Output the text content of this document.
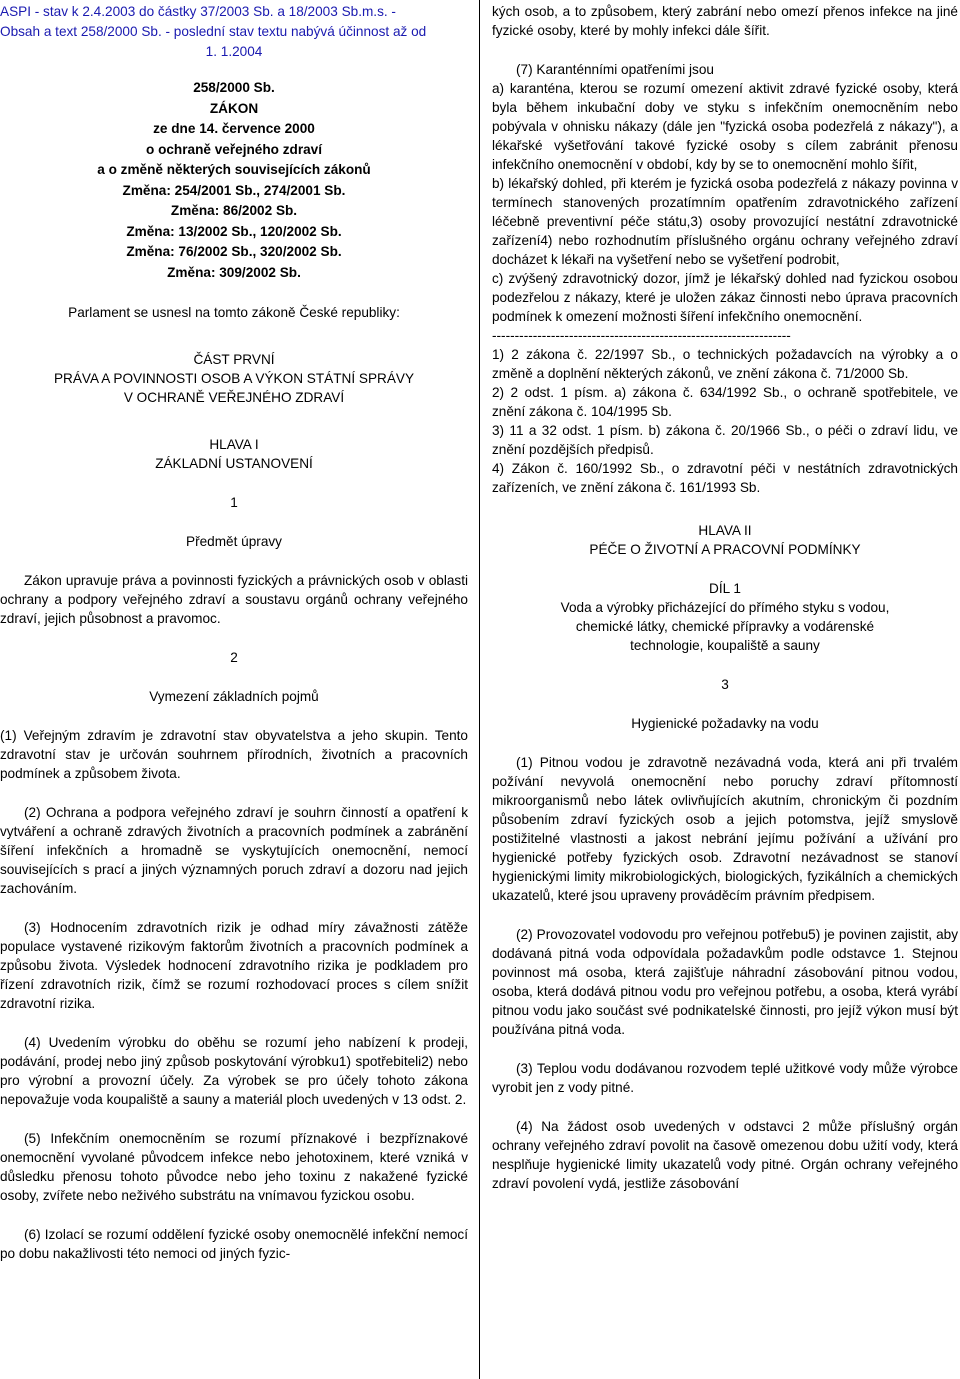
ASPI - stav k 2.4.2003 do částky 37/2003 Sb. a 18/2003 Sb.m.s. -
Obsah a text 258/2000 Sb. - poslední stav textu nabývá účinnost až od
1. 1.2004

258/2000 Sb.

ZÁKON

ze dne 14. července 2000

o ochraně veřejného zdraví

a o změně některých souvisejících zákonů

Změna: 254/2001 Sb., 274/2001 Sb.

Změna: 86/2002 Sb.

Změna: 13/2002 Sb., 120/2002 Sb.

Změna: 76/2002 Sb., 320/2002 Sb.

Změna: 309/2002 Sb.

Parlament se usnesl na tomto zákoně České republiky:

ČÁST PRVNÍ

PRÁVA A POVINNOSTI OSOB A VÝKON STÁTNÍ SPRÁVY

V OCHRANĚ VEŘEJNÉHO ZDRAVÍ

HLAVA I

ZÁKLADNÍ USTANOVENÍ

1

Předmět úpravy

Zákon upravuje práva a povinnosti fyzických a právnických osob v oblasti ochrany a podpory veřejného zdraví a soustavu orgánů ochrany veřejného zdraví, jejich působnost a pravomoc.

2

Vymezení základních pojmů

(1) Veřejným zdravím je zdravotní stav obyvatelstva a jeho skupin. Tento zdravotní stav je určován souhrnem přírodních, životních a pracovních podmínek a způsobem života.

(2) Ochrana a podpora veřejného zdraví je souhrn činností a opatření k vytváření a ochraně zdravých životních a pracovních podmínek a zabránění šíření infekčních a hromadně se vyskytujících onemocnění, nemocí souvisejících s prací a jiných významných poruch zdraví a dozoru nad jejich zachováním.

(3) Hodnocením zdravotních rizik je odhad míry závažnosti zátěže populace vystavené rizikovým faktorům životních a pracovních podmínek a způsobu života. Výsledek hodnocení zdravotního rizika je podkladem pro řízení zdravotních rizik, čímž se rozumí rozhodovací proces s cílem snížit zdravotní rizika.

(4) Uvedením výrobku do oběhu se rozumí jeho nabízení k prodeji, podávání, prodej nebo jiný způsob poskytování výrobku1) spotřebiteli2) nebo pro výrobní a provozní účely. Za výrobek se pro účely tohoto zákona nepovažuje voda koupaliště a sauny a materiál ploch uvedených v 13 odst. 2.

(5) Infekčním onemocněním se rozumí příznakové i bezpříznakové onemocnění vyvolané původcem infekce nebo jehotoxinem, které vzniká v důsledku přenosu tohoto původce nebo jeho toxinu z nakažené fyzické osoby, zvířete nebo neživého substrátu na vnímavou fyzickou osobu.

(6) Izolací se rozumí oddělení fyzické osoby onemocnělé infekční nemocí po dobu nakažlivosti této nemoci od jiných fyzic-

kých osob, a to způsobem, který zabrání nebo omezí přenos infekce na jiné fyzické osoby, které by mohly infekci dále šířit.

(7) Karanténními opatřeními jsou

a) karanténa, kterou se rozumí omezení aktivit zdravé fyzické osoby, která byla během inkubační doby ve styku s infekčním onemocněním nebo pobývala v ohnisku nákazy (dále jen "fyzická osoba podezřelá z nákazy"), a lékařské vyšetřování takové fyzické osoby s cílem zabránit přenosu infekčního onemocnění v období, kdy by se to onemocnění mohlo šířit,

b) lékařský dohled, při kterém je fyzická osoba podezřelá z nákazy povinna v termínech stanovených prozatímním opatřením zdravotnického zařízení léčebně preventivní péče státu,3) osoby provozující nestátní zdravotnické zařízení4) nebo rozhodnutím příslušného orgánu ochrany veřejného zdraví docházet k lékaři na vyšetření nebo se vyšetření podrobit,

c) zvýšený zdravotnický dozor, jímž je lékařský dohled nad fyzickou osobou podezřelou z nákazy, které je uložen zákaz činnosti nebo úprava pracovních podmínek k omezení možnosti šíření infekčního onemocnění.

------------------------------------------------------------------

1) 2 zákona č. 22/1997 Sb., o technických požadavcích na výrobky a o změně a doplnění některých zákonů, ve znění zákona č. 71/2000 Sb.

2) 2 odst. 1 písm. a) zákona č. 634/1992 Sb., o ochraně spotřebitele, ve znění zákona č. 104/1995 Sb.

3) 11 a 32 odst. 1 písm. b) zákona č. 20/1966 Sb., o péči o zdraví lidu, ve znění pozdějších předpisů.

4) Zákon č. 160/1992 Sb., o zdravotní péči v nestátních zdravotnických zařízeních, ve znění zákona č. 161/1993 Sb.

HLAVA II

PÉČE O ŽIVOTNÍ A PRACOVNÍ PODMÍNKY

DÍL 1

Voda a výrobky přicházející do přímého styku s vodou,

chemické látky, chemické přípravky a vodárenské

technologie, koupaliště a sauny

3

Hygienické požadavky na vodu

(1) Pitnou vodou je zdravotně nezávadná voda, která ani při trvalém požívání nevyvolá onemocnění nebo poruchy zdraví přítomností mikroorganismů nebo látek ovlivňujících akutním, chronickým či pozdním působením zdraví fyzických osob a jejich potomstva, jejíž smyslově postižitelné vlastnosti a jakost nebrání jejímu požívání a užívání pro hygienické potřeby fyzických osob. Zdravotní nezávadnost se stanoví hygienickými limity mikrobiologických, biologických, fyzikálních a chemických ukazatelů, které jsou upraveny prováděcím právním předpisem.

(2) Provozovatel vodovodu pro veřejnou potřebu5) je povinen zajistit, aby dodávaná pitná voda odpovídala požadavkům podle odstavce 1. Stejnou povinnost má osoba, která zajišťuje náhradní zásobování pitnou vodou, osoba, která dodává pitnou vodu pro veřejnou potřebu, a osoba, která vyrábí pitnou vodu jako součást své podnikatelské činnosti, pro jejíž výkon musí být používána pitná voda.

(3) Teplou vodu dodávanou rozvodem teplé užitkové vody může výrobce vyrobit jen z vody pitné.

(4) Na žádost osob uvedených v odstavci 2 může příslušný orgán ochrany veřejného zdraví povolit na časově omezenou dobu užití vody, která nesplňuje hygienické limity ukazatelů vody pitné. Orgán ochrany veřejného zdraví povolení vydá, jestliže zásobování
